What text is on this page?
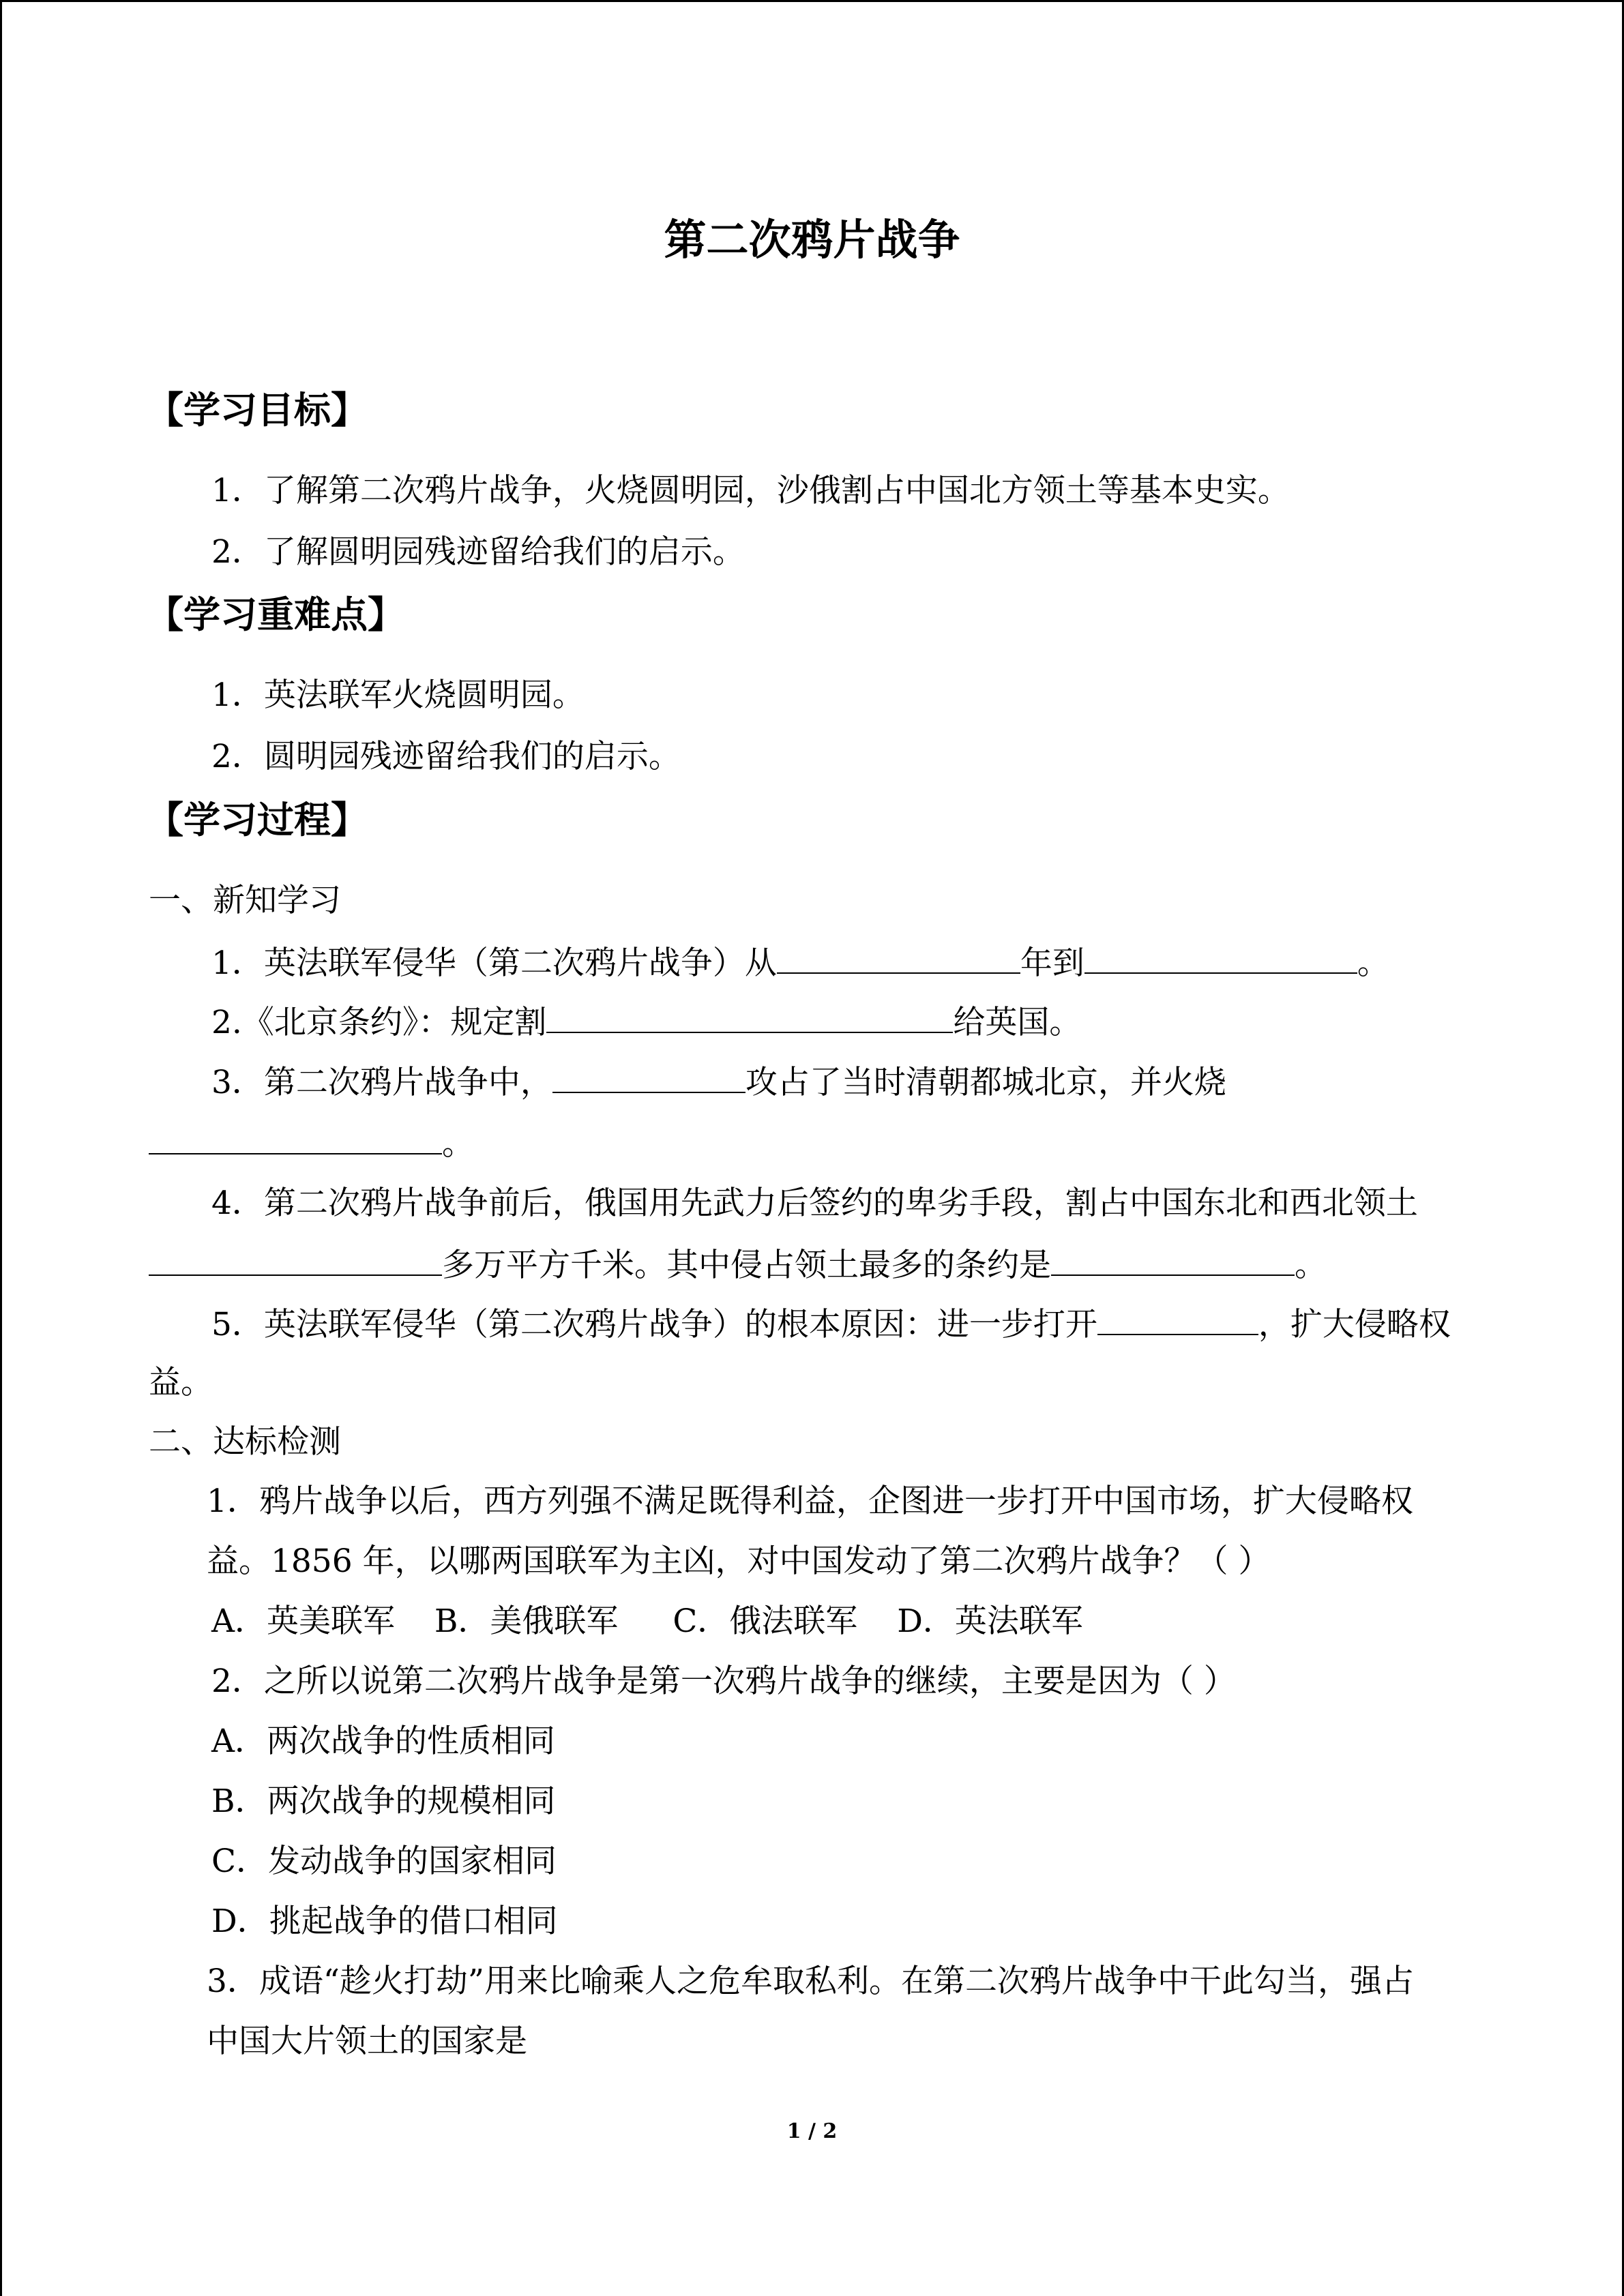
第二次鸦片战争
【学习目标】
1．了解第二次鸦片战争，火烧圆明园，沙俄割占中国北方领土等基本史实。
2．了解圆明园残迹留给我们的启示。
【学习重难点】
1．英法联军火烧圆明园。
2．圆明园残迹留给我们的启示。
【学习过程】
一、新知学习
1．英法联军侵华（第二次鸦片战争）从	年到	。
2.《北京条约》：规定割	给英国。
3．第二次鸦片战争中，	攻占了当时清朝都城北京，并火烧
。
4．第二次鸦片战争前后，俄国用先武力后签约的卑劣手段，割占中国东北和西北领土
多万平方千米。其中侵占领土最多的条约是	。
5．英法联军侵华（第二次鸦片战争）的根本原因：进一步打开	，扩大侵略权
益。
二、达标检测
1．鸦片战争以后，西方列强不满足既得利益，企图进一步打开中国市场，扩大侵略权
益。1856 年，以哪两国联军为主凶，对中国发动了第二次鸦片战争？（ ）
A．英美联军 B．美俄联军 C．俄法联军 D．英法联军
2．之所以说第二次鸦片战争是第一次鸦片战争的继续，主要是因为（ ）
A．两次战争的性质相同
B．两次战争的规模相同
C．发动战争的国家相同
D．挑起战争的借口相同
3．成语“趁火打劫”用来比喻乘人之危牟取私利。在第二次鸦片战争中干此勾当，强占
中国大片领土的国家是
1 / 2
